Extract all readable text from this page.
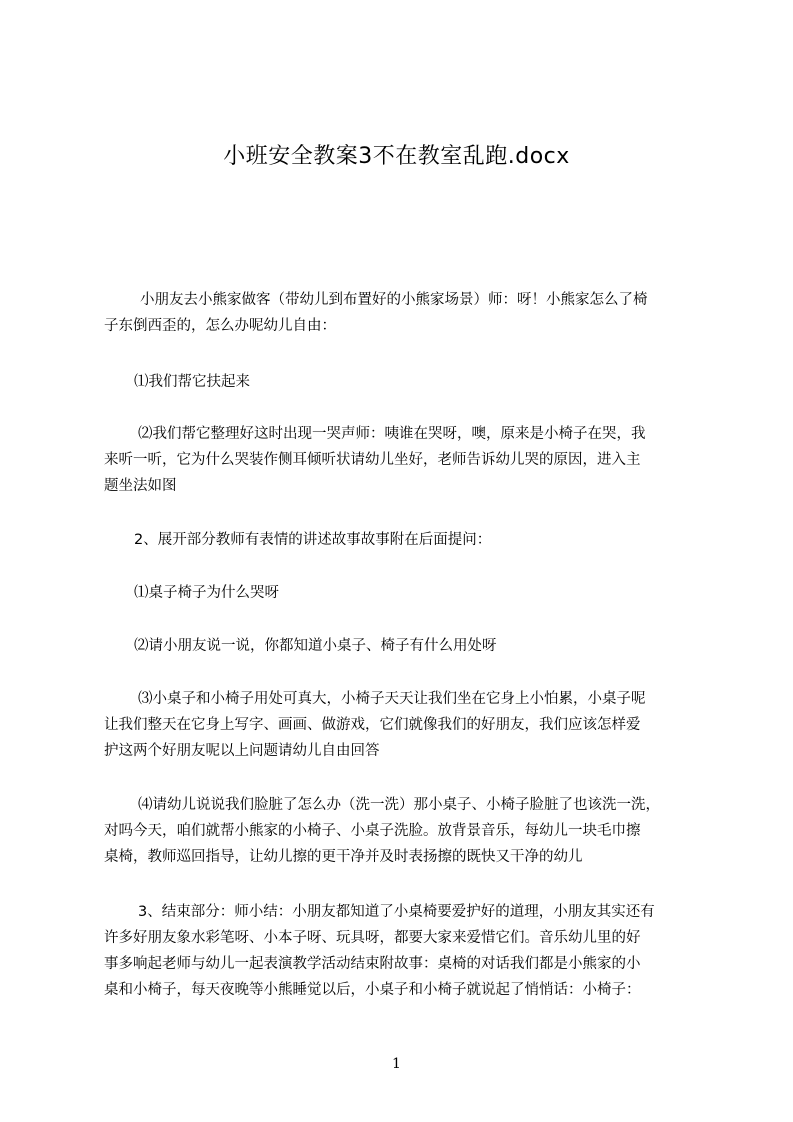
小班安全教案3不在教室乱跑.docx

小朋友去小熊家做客（带幼儿到布置好的小熊家场景）师：呀！小熊家怎么了椅
子东倒西歪的，怎么办呢幼儿自由：

⑴我们帮它扶起来

⑵我们帮它整理好这时出现一哭声师：咦谁在哭呀，噢，原来是小椅子在哭，我
来听一听，它为什么哭装作侧耳倾听状请幼儿坐好，老师告诉幼儿哭的原因，进入主
题坐法如图

2、展开部分教师有表情的讲述故事故事附在后面提问：

⑴桌子椅子为什么哭呀

⑵请小朋友说一说，你都知道小桌子、椅子有什么用处呀

⑶小桌子和小椅子用处可真大，小椅子天天让我们坐在它身上小怕累，小桌子呢
让我们整天在它身上写字、画画、做游戏，它们就像我们的好朋友，我们应该怎样爱
护这两个好朋友呢以上问题请幼儿自由回答

⑷请幼儿说说我们脸脏了怎么办（洗一洗）那小桌子、小椅子脸脏了也该洗一洗，
对吗今天，咱们就帮小熊家的小椅子、小桌子洗脸。放背景音乐，每幼儿一块毛巾擦
桌椅，教师巡回指导，让幼儿擦的更干净并及时表扬擦的既快又干净的幼儿

3、结束部分：师小结：小朋友都知道了小桌椅要爱护好的道理，小朋友其实还有
许多好朋友象水彩笔呀、小本子呀、玩具呀，都要大家来爱惜它们。音乐幼儿里的好
事多响起老师与幼儿一起表演教学活动结束附故事：桌椅的对话我们都是小熊家的小
桌和小椅子，每天夜晚等小熊睡觉以后，小桌子和小椅子就说起了悄悄话：小椅子：

1
